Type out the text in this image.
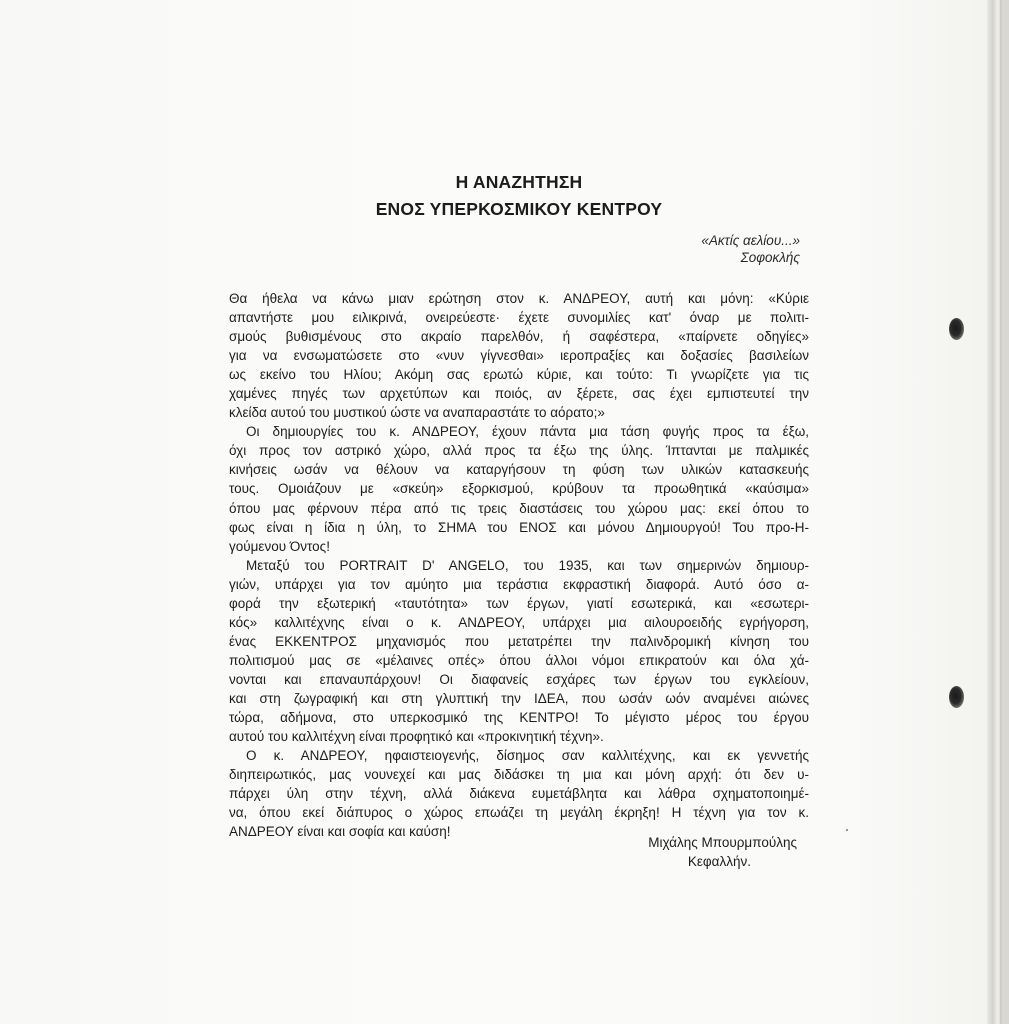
Η ΑΝΑΖΗΤΗΣΗ
ΕΝΟΣ ΥΠΕΡΚΟΣΜΙΚΟΥ ΚΕΝΤΡΟΥ
«Ακτίς αελίου...»
Σοφοκλής
Θα ήθελα να κάνω μιαν ερώτηση στον κ. ΑΝΔΡΕΟΥ, αυτή και μόνη: «Κύριε
απαντήστε μου ειλικρινά, ονειρεύεστε· έχετε συνομιλίες κατ' όναρ με πολιτι-
σμούς βυθισμένους στο ακραίο παρελθόν, ή σαφέστερα, «παίρνετε οδηγίες»
για να ενσωματώσετε στο «νυν γίγνεσθαι» ιεροπραξίες και δοξασίες βασιλείων
ως εκείνο του Ηλίου; Ακόμη σας ερωτώ κύριε, και τούτο: Τι γνωρίζετε για τις
χαμένες πηγές των αρχετύπων και ποιός, αν ξέρετε, σας έχει εμπιστευτεί την
κλείδα αυτού του μυστικού ώστε να αναπαραστάτε το αόρατο;»
Οι δημιουργίες του κ. ΑΝΔΡΕΟΥ, έχουν πάντα μια τάση φυγής προς τα έξω,
όχι προς τον αστρικό χώρο, αλλά προς τα έξω της ύλης. Ίπτανται με παλμικές
κινήσεις ωσάν να θέλουν να καταργήσουν τη φύση των υλικών κατασκευής
τους. Ομοιάζουν με «σκεύη» εξορκισμού, κρύβουν τα προωθητικά «καύσιμα»
όπου μας φέρνουν πέρα από τις τρεις διαστάσεις του χώρου μας: εκεί όπου το
φως είναι η ίδια η ύλη, το ΣΗΜΑ του ΕΝΟΣ και μόνου Δημιουργού! Του προ-Η-
γούμενου Όντος!
Μεταξύ του PORTRAIT D' ANGELO, του 1935, και των σημερινών δημιουρ-
γιών, υπάρχει για τον αμύητο μια τεράστια εκφραστική διαφορά. Αυτό όσο α-
φορά την εξωτερική «ταυτότητα» των έργων, γιατί εσωτερικά, και «εσωτερι-
κός» καλλιτέχνης είναι ο κ. ΑΝΔΡΕΟΥ, υπάρχει μια αιλουροειδής εγρήγορση,
ένας ΕΚΚΕΝΤΡΟΣ μηχανισμός που μετατρέπει την παλινδρομική κίνηση του
πολιτισμού μας σε «μέλαινες οπές» όπου άλλοι νόμοι επικρατούν και όλα χά-
νονται και επαναυπάρχουν! Οι διαφανείς εσχάρες των έργων του εγκλείουν,
και στη ζωγραφική και στη γλυπτική την ΙΔΕΑ, που ωσάν ωόν αναμένει αιώνες
τώρα, αδήμονα, στο υπερκοσμικό της ΚΕΝΤΡΟ! Το μέγιστο μέρος του έργου
αυτού του καλλιτέχνη είναι προφητικό και «προκινητική τέχνη».
Ο κ. ΑΝΔΡΕΟΥ, ηφαιστειογενής, δίσημος σαν καλλιτέχνης, και εκ γεννετής
διηπειρωτικός, μας νουνεχεί και μας διδάσκει τη μια και μόνη αρχή: ότι δεν υ-
πάρχει ύλη στην τέχνη, αλλά διάκενα ευμετάβλητα και λάθρα σχηματοποιημέ-
να, όπου εκεί διάπυρος ο χώρος επωάζει τη μεγάλη έκρηξη! Η τέχνη για τον κ.
ΑΝΔΡΕΟΥ είναι και σοφία και καύση!
Μιχάλης Μπουρμπούλης
Κεφαλλήν.
